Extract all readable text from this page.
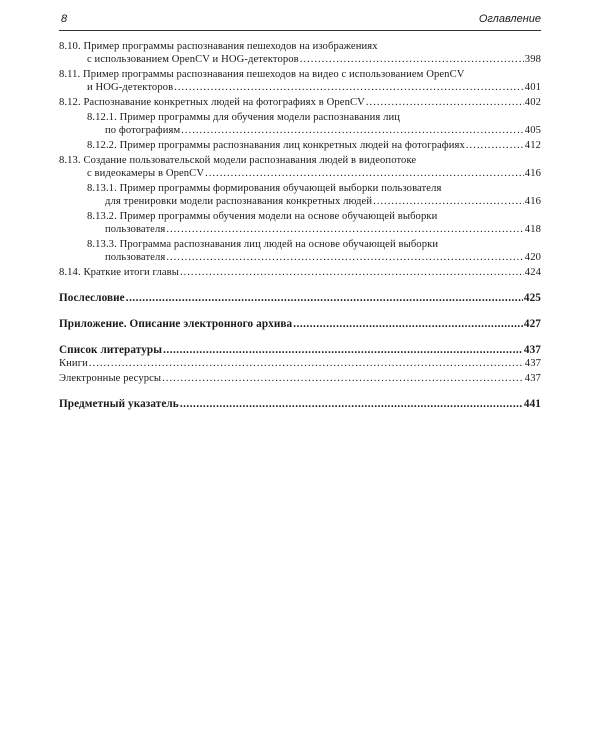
8	Оглавление
8.10. Пример программы распознавания пешеходов на изображениях
с использованием OpenCV и HOG-детекторов .....	398
8.11. Пример программы распознавания пешеходов на видео с использованием OpenCV
и HOG-детекторов .....	401
8.12. Распознавание конкретных людей на фотографиях в OpenCV .....	402
8.12.1. Пример программы для обучения модели распознавания лиц
по фотографиям .....	405
8.12.2. Пример программы распознавания лиц конкретных людей на фотографиях .....	412
8.13. Создание пользовательской модели распознавания людей в видеопотоке
с видеокамеры в OpenCV .....	416
8.13.1. Пример программы формирования обучающей выборки пользователя
для тренировки модели распознавания конкретных людей .....	416
8.13.2. Пример программы обучения модели на основе обучающей выборки
пользователя .....	418
8.13.3. Программа распознавания лиц людей на основе обучающей выборки
пользователя .....	420
8.14. Краткие итоги главы .....	424
Послесловие .....	425
Приложение. Описание электронного архива .....	427
Список литературы .....	437
Книги .....	437
Электронные ресурсы .....	437
Предметный указатель .....	441
